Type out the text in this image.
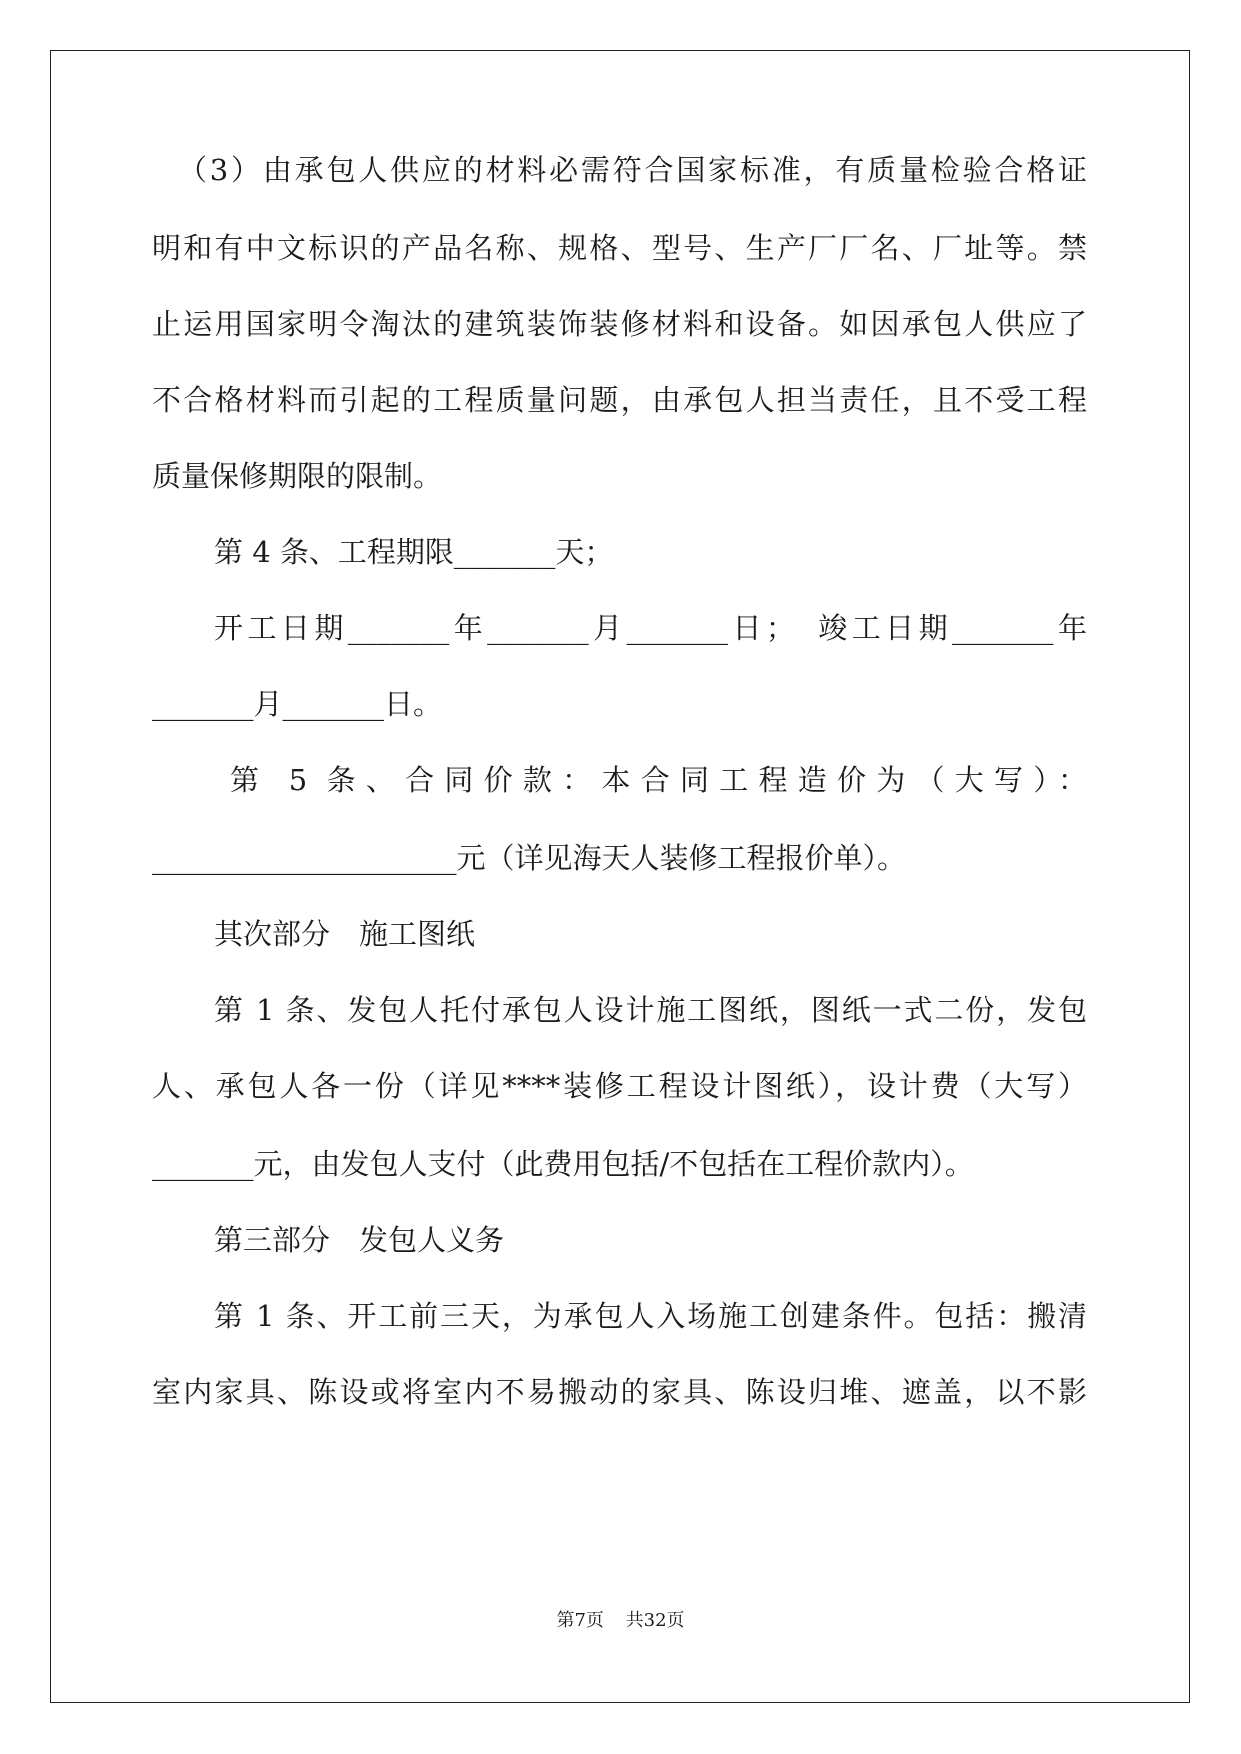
（3）由承包人供应的材料必需符合国家标准，有质量检验合格证

明和有中文标识的产品名称、规格、型号、生产厂厂名、厂址等。禁

止运用国家明令淘汰的建筑装饰装修材料和设备。如因承包人供应了

不合格材料而引起的工程质量问题，由承包人担当责任，且不受工程

质量保修期限的限制。

第 4 条、工程期限_______天；

开工日期_______年_______月_______日；　竣工日期_______年

_______月_______日。

第 5 条、合同价款：本合同工程造价为（大写）：

_____________________元（详见海天人装修工程报价单）。

其次部分　施工图纸

第 1 条、发包人托付承包人设计施工图纸，图纸一式二份，发包

人、承包人各一份（详见****装修工程设计图纸），设计费（大写）

_______元，由发包人支付（此费用包括/不包括在工程价款内）。

第三部分　发包人义务

第 1 条、开工前三天，为承包人入场施工创建条件。包括：搬清

室内家具、陈设或将室内不易搬动的家具、陈设归堆、遮盖，以不影

第7页 共32页
